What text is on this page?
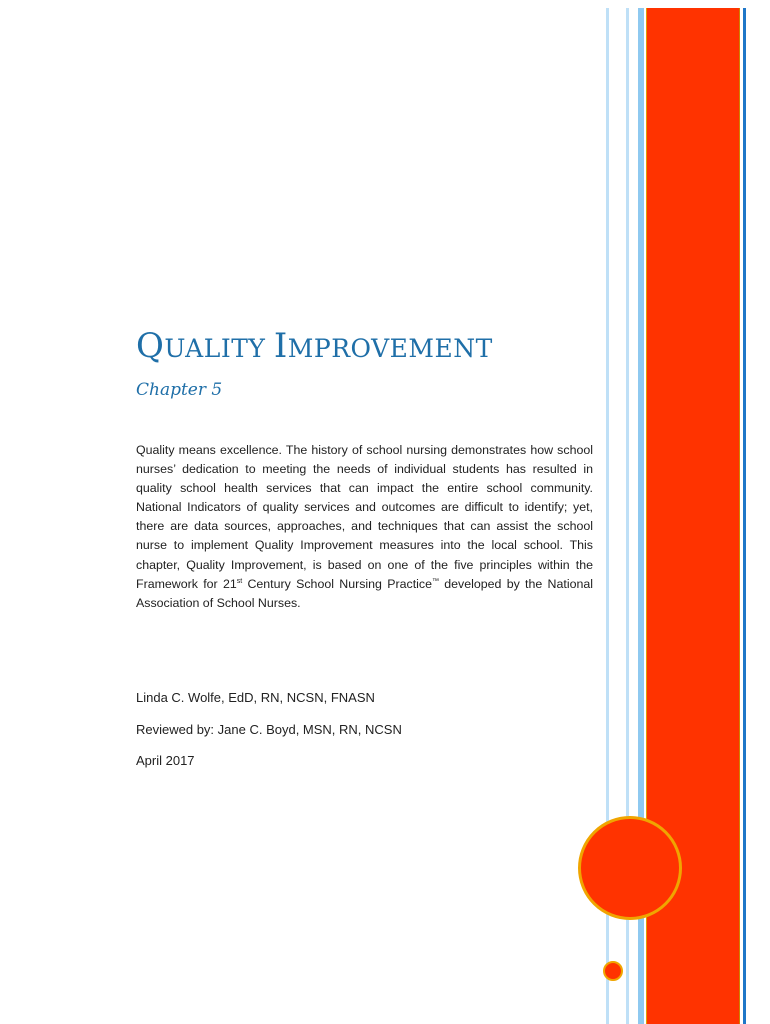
QUALITY IMPROVEMENT

Chapter 5

Quality means excellence. The history of school nursing demonstrates how school nurses’ dedication to meeting the needs of individual students has resulted in quality school health services that can impact the entire school community. National Indicators of quality services and outcomes are difficult to identify; yet, there are data sources, approaches, and techniques that can assist the school nurse to implement Quality Improvement measures into the local school. This chapter, Quality Improvement, is based on one of the five principles within the Framework for 21st Century School Nursing Practice™ developed by the National Association of School Nurses.

Linda C. Wolfe, EdD, RN, NCSN, FNASN

Reviewed by: Jane C. Boyd, MSN, RN, NCSN

April 2017
